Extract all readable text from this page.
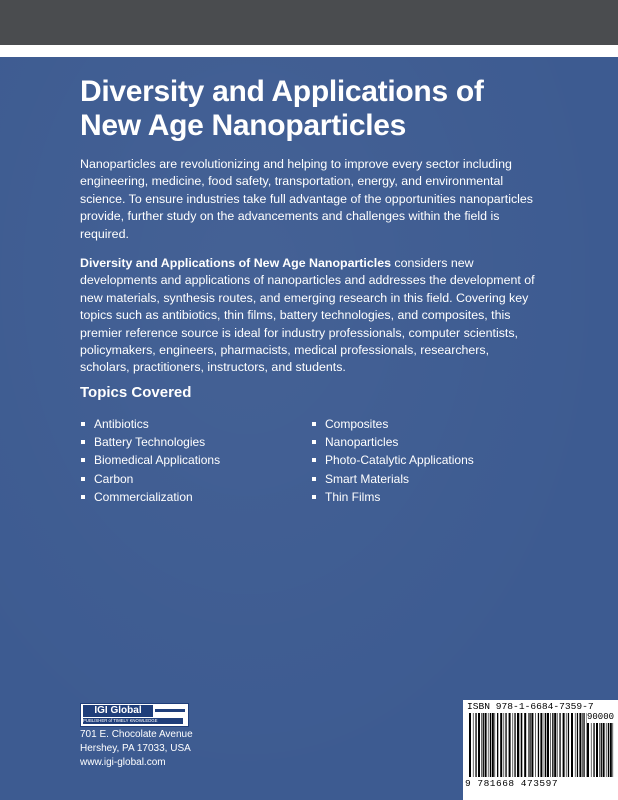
Diversity and Applications of
New Age Nanoparticles

Nanoparticles are revolutionizing and helping to improve every sector including engineering, medicine, food safety, transportation, energy, and environmental science. To ensure industries take full advantage of the opportunities nanoparticles provide, further study on the advancements and challenges within the field is required.

Diversity and Applications of New Age Nanoparticles considers new developments and applications of nanoparticles and addresses the development of new materials, synthesis routes, and emerging research in this field. Covering key topics such as antibiotics, thin films, battery technologies, and composites, this premier reference source is ideal for industry professionals, computer scientists, policymakers, engineers, pharmacists, medical professionals, researchers, scholars, practitioners, instructors, and students.

Topics Covered
Antibiotics
Battery Technologies
Biomedical Applications
Carbon
Commercialization
Composites
Nanoparticles
Photo-Catalytic Applications
Smart Materials
Thin Films
IGI Global
PUBLISHER of TIMELY KNOWLEDGE
701 E. Chocolate Avenue
Hershey, PA 17033, USA
www.igi-global.com
ISBN 978-1-6684-7359-7
90000
9 781668 473597
